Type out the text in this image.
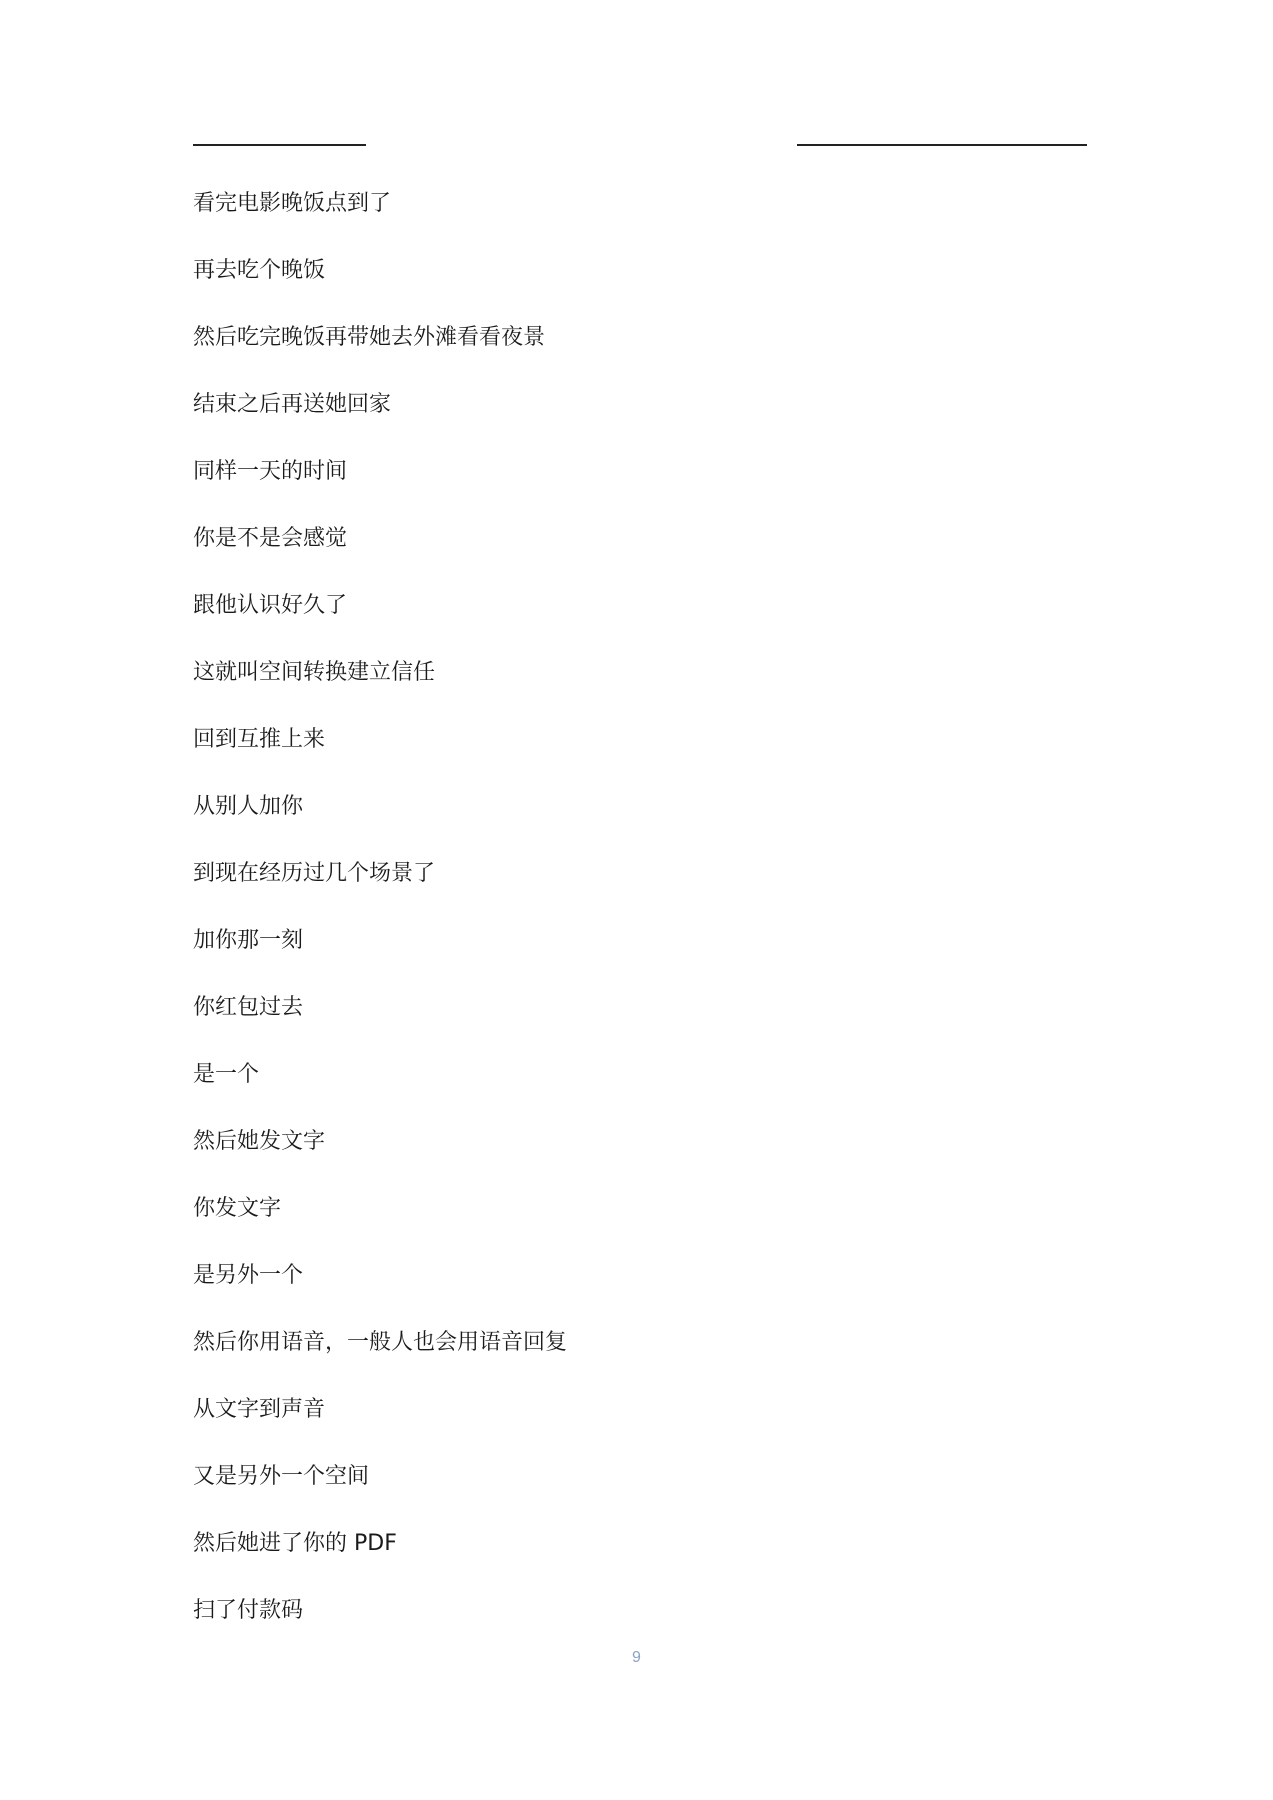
看完电影晚饭点到了
再去吃个晚饭
然后吃完晚饭再带她去外滩看看夜景
结束之后再送她回家
同样一天的时间
你是不是会感觉
跟他认识好久了
这就叫空间转换建立信任
回到互推上来
从别人加你
到现在经历过几个场景了
加你那一刻
你红包过去
是一个
然后她发文字
你发文字
是另外一个
然后你用语音，一般人也会用语音回复
从文字到声音
又是另外一个空间
然后她进了你的 PDF
扫了付款码
9
